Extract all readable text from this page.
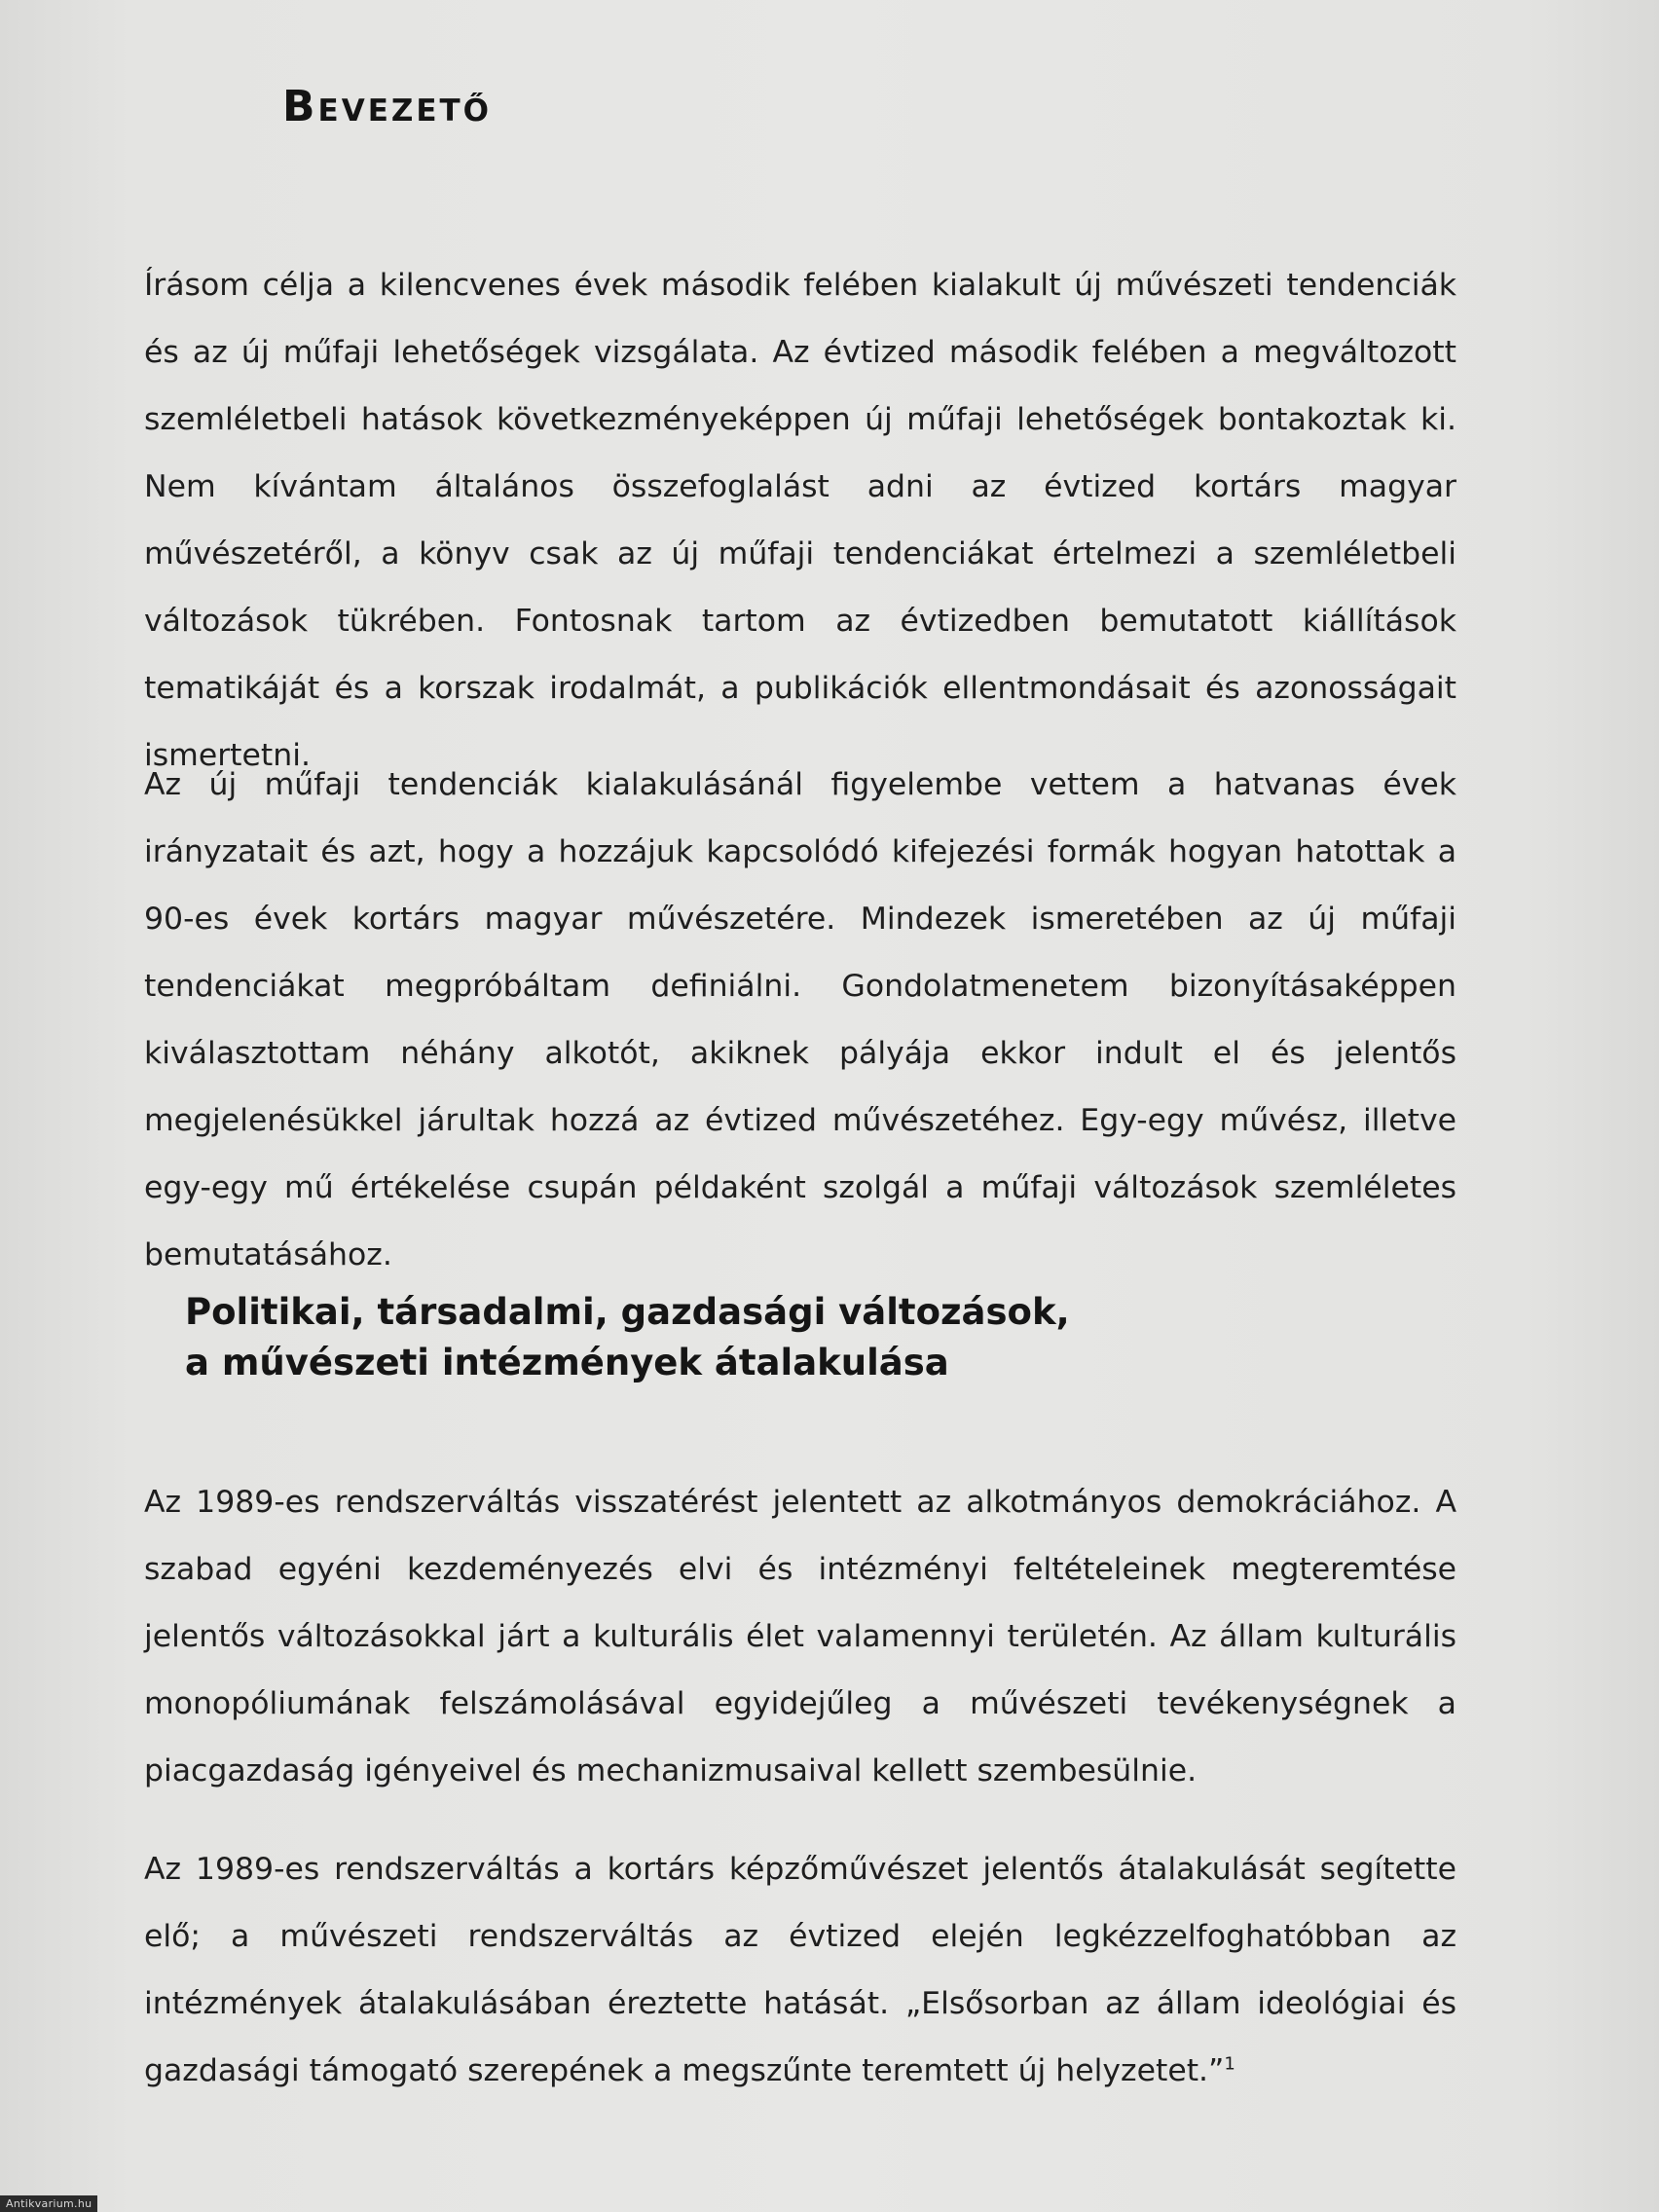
Bevezető

Írásom célja a kilencvenes évek második felében kialakult új művészeti tendenciák és az új műfaji lehetőségek vizsgálata. Az évtized második felében a megváltozott szemléletbeli hatások következményeképpen új műfaji lehetőségek bontakoztak ki. Nem kívántam általános összefoglalást adni az évtized kortárs magyar művészetéről, a könyv csak az új műfaji tendenciákat értelmezi a szemléletbeli változások tükrében. Fontosnak tartom az évtizedben bemutatott kiállítások tematikáját és a korszak irodalmát, a publikációk ellentmondásait és azonosságait ismertetni.

Az új műfaji tendenciák kialakulásánál figyelembe vettem a hatvanas évek irányzatait és azt, hogy a hozzájuk kapcsolódó kifejezési formák hogyan hatottak a 90-es évek kortárs magyar művészetére. Mindezek ismeretében az új műfaji tendenciákat megpróbáltam definiálni. Gondolatmenetem bizonyításaképpen kiválasztottam néhány alkotót, akiknek pályája ekkor indult el és jelentős megjelenésükkel járultak hozzá az évtized művészetéhez. Egy-egy művész, illetve egy-egy mű értékelése csupán példaként szolgál a műfaji változások szemléletes bemutatásához.

Politikai, társadalmi, gazdasági változások,
a művészeti intézmények átalakulása

Az 1989-es rendszerváltás visszatérést jelentett az alkotmányos demokráciához. A szabad egyéni kezdeményezés elvi és intézményi feltételeinek megteremtése jelentős változásokkal járt a kulturális élet valamennyi területén. Az állam kulturális monopóliumának felszámolásával egyidejűleg a művészeti tevékenységnek a piacgazdaság igényeivel és mechanizmusaival kellett szembesülnie.

Az 1989-es rendszerváltás a kortárs képzőművészet jelentős átalakulását segítette elő; a művészeti rendszerváltás az évtized elején legkézzelfoghatóbban az intézmények átalakulásában éreztette hatását. „Elsősorban az állam ideológiai és gazdasági támogató szerepének a megszűnte teremtett új helyzetet.”$^1$

Antikvarium.hu
